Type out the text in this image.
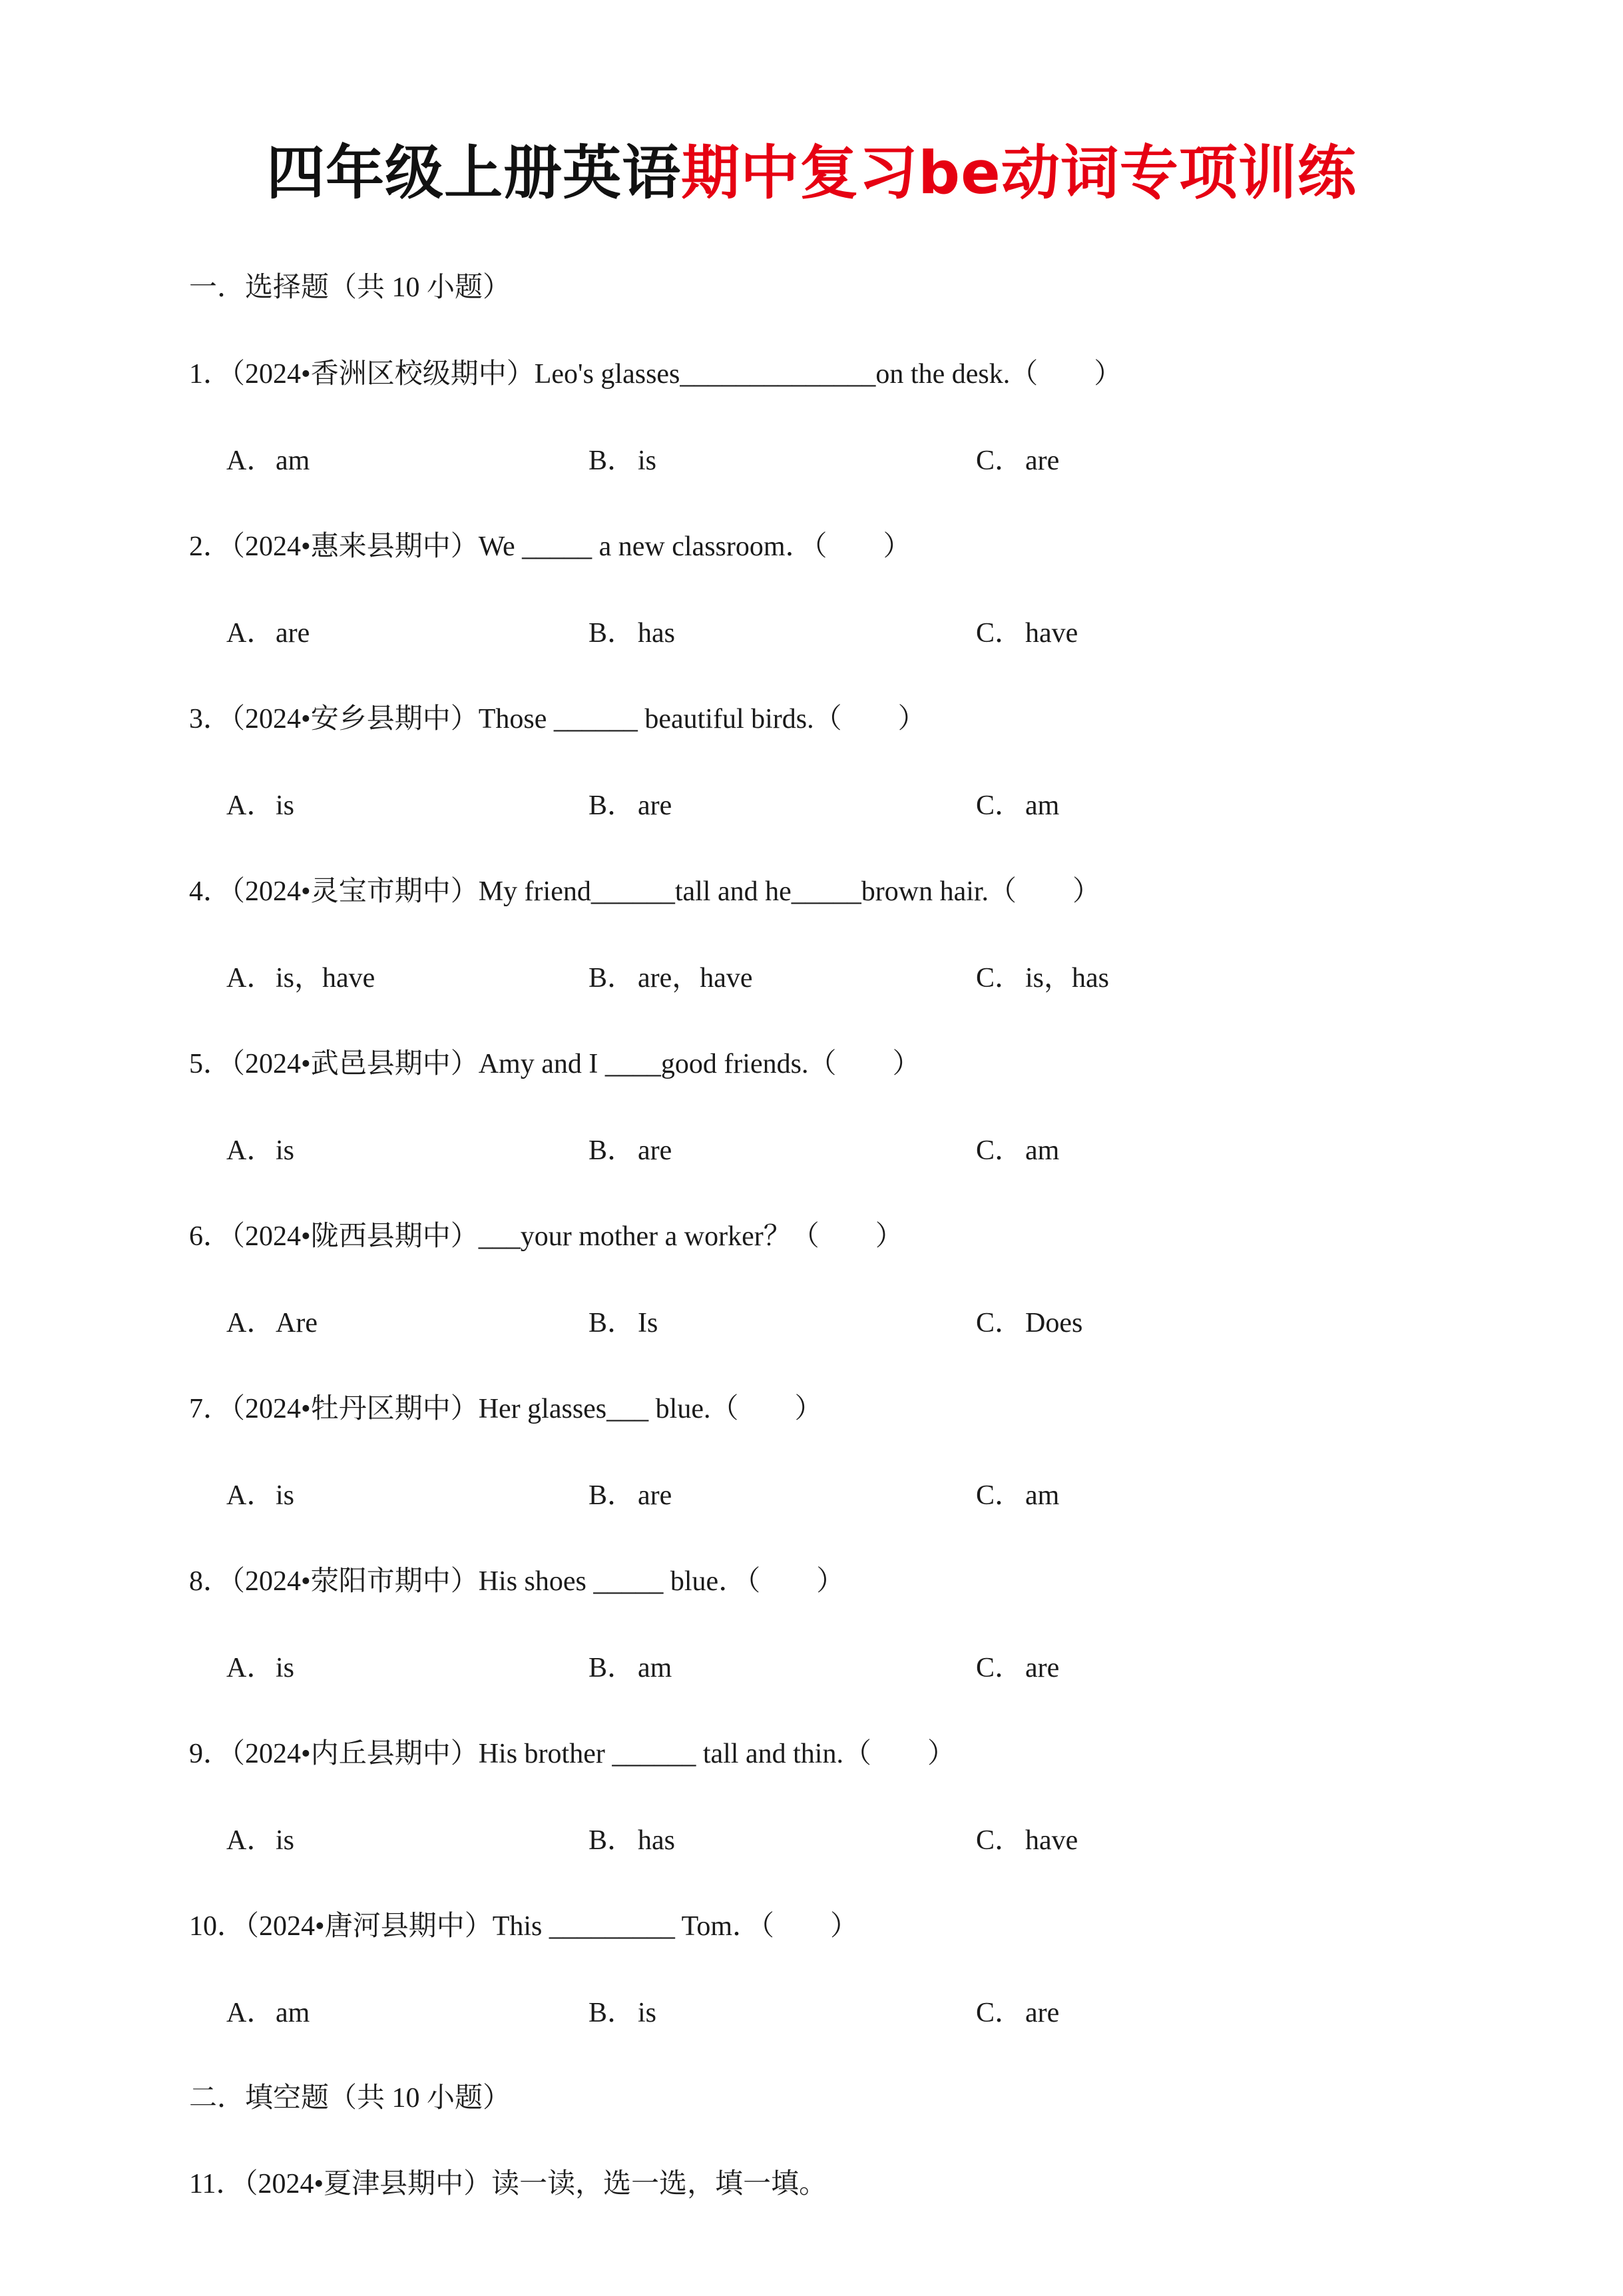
四年级上册英语期中复习be动词专项训练
一．选择题（共 10 小题）
1．（2024•香洲区校级期中）Leo's glasses______________on the desk.（　　）
A．am	B．is	C．are
2．（2024•惠来县期中）We _____ a new classroom．（　　）
A．are	B．has	C．have
3．（2024•安乡县期中）Those ______ beautiful birds.（　　）
A．is	B．are	C．am
4．（2024•灵宝市期中）My friend______tall and he_____brown hair.（　　）
A．is，have	B．are，have	C．is，has
5．（2024•武邑县期中）Amy and I ____good friends.（　　）
A．is	B．are	C．am
6．（2024•陇西县期中）___your mother a worker？（　　）
A．Are	B．Is	C．Does
7．（2024•牡丹区期中）Her glasses___ blue.（　　）
A．is	B．are	C．am
8．（2024•荥阳市期中）His shoes _____ blue．（　　）
A．is	B．am	C．are
9．（2024•内丘县期中）His brother ______ tall and thin.（　　）
A．is	B．has	C．have
10．（2024•唐河县期中）This _________ Tom．（　　）
A．am	B．is	C．are
二．填空题（共 10 小题）
11．（2024•夏津县期中）读一读，选一选，填一填。
